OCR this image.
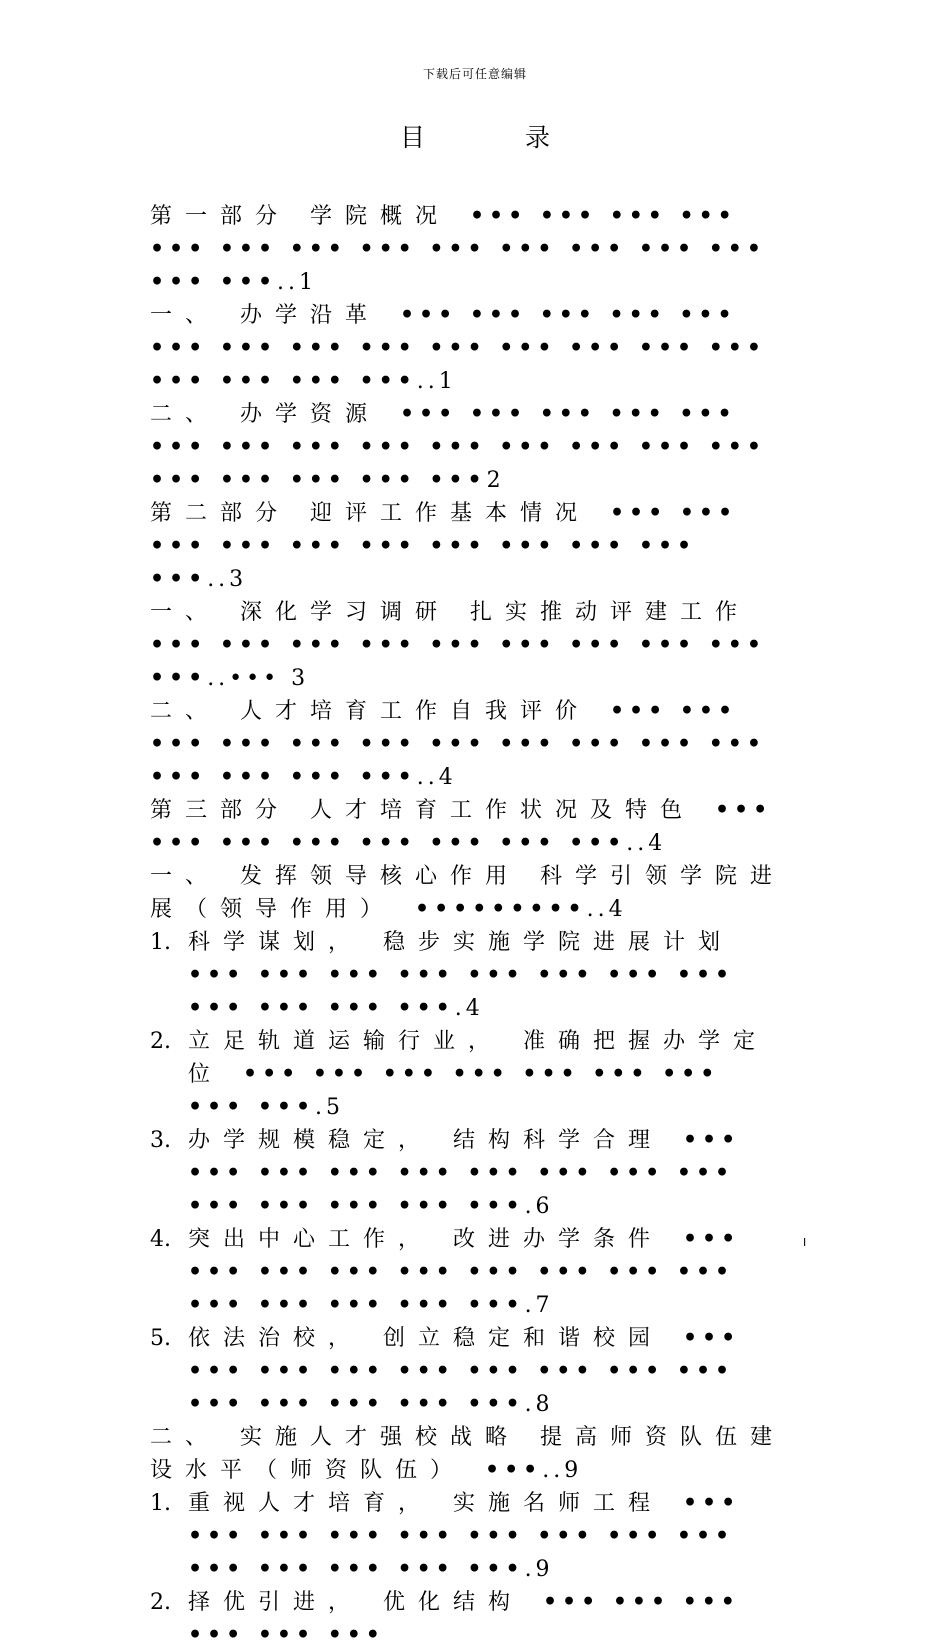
下载后可任意编辑
目	录

第一部分 学院概况 ••• ••• ••• ••• ••• ••• ••• ••• ••• ••• ••• ••• ••• ••• •••..1

一、 办学沿革 ••• ••• ••• ••• ••• ••• ••• ••• ••• ••• ••• ••• ••• ••• ••• ••• ••• •••..1

二、 办学资源 ••• ••• ••• ••• ••• ••• ••• ••• ••• ••• ••• ••• ••• ••• ••• ••• ••• ••• •••2

第二部分 迎评工作基本情况 ••• ••• ••• ••• ••• ••• ••• ••• ••• ••• •••..3

一、 深化学习调研 扎实推动评建工作 ••• ••• ••• ••• ••• ••• ••• ••• ••• •••..••• 3

二、 人才培育工作自我评价 ••• ••• ••• ••• ••• ••• ••• ••• ••• ••• ••• ••• ••• ••• •••..4

第三部分 人才培育工作状况及特色 ••• ••• ••• ••• ••• ••• ••• •••..4

一、 发挥领导核心作用 科学引领学院进展（领导作用） •••••••••..4

1. 科学谋划， 稳步实施学院进展计划 ••• ••• ••• ••• ••• ••• ••• ••• ••• ••• ••• •••.4

2. 立足轨道运输行业， 准确把握办学定位 ••• ••• ••• ••• ••• ••• ••• ••• •••.5

3. 办学规模稳定， 结构科学合理 ••• ••• ••• ••• ••• ••• ••• ••• ••• ••• ••• ••• ••• •••.6

4. 突出中心工作， 改进办学条件 ••• ••• ••• ••• ••• ••• ••• ••• ••• ••• ••• ••• ••• •••.7

5. 依法治校， 创立稳定和谐校园 ••• ••• ••• ••• ••• ••• ••• ••• ••• ••• ••• ••• ••• •••.8

二、 实施人才强校战略 提高师资队伍建设水平（师资队伍） •••..9

1. 重视人才培育， 实施名师工程 ••• ••• ••• ••• ••• ••• ••• ••• ••• ••• ••• ••• ••• •••.9

2. 择优引进， 优化结构 ••• ••• ••• ••• ••• •••

I
